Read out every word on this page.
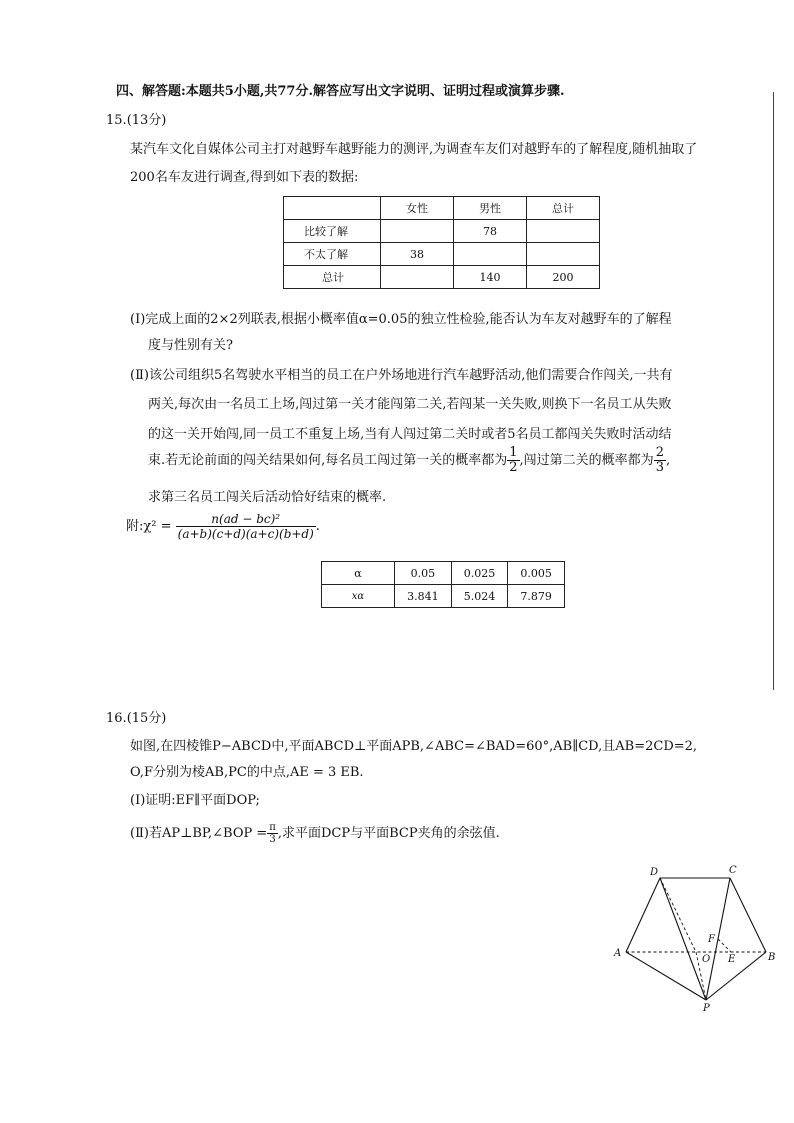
四、解答题:本题共5小题,共77分.解答应写出文字说明、证明过程或演算步骤.
15.(13分)
某汽车文化自媒体公司主打对越野车越野能力的测评,为调查车友们对越野车的了解程度,随机抽取了
200名车友进行调查,得到如下表的数据:
	女性	男性	总计
比较了解		78	
不太了解	38		
总计		140	200
(Ⅰ)完成上面的2×2列联表,根据小概率值α=0.05的独立性检验,能否认为车友对越野车的了解程
度与性别有关?
(Ⅱ)该公司组织5名驾驶水平相当的员工在户外场地进行汽车越野活动,他们需要合作闯关,一共有
两关,每次由一名员工上场,闯过第一关才能闯第二关,若闯某一关失败,则换下一名员工从失败
的这一关开始闯,同一员工不重复上场,当有人闯过第二关时或者5名员工都闯关失败时活动结
束.若无论前面的闯关结果如何,每名员工闯过第一关的概率都为 $\frac{1}{2}$ ,闯过第二关的概率都为 $\frac{2}{3}$ ,
求第三名员工闯关后活动恰好结束的概率.
附:χ² = $\frac{\text{n(ad − bc)²}}{(a+b)(c+d)(a+c)(b+d)}$ .
α	0.05	0.025	0.005
xα	3.841	5.024	7.879
16.(15分)
如图,在四棱锥P−ABCD中,平面ABCD⊥平面APB,∠ABC=∠BAD=60°,AB∥CD,且AB=2CD=2,
O,F分别为棱AB,PC的中点,AE = 3 EB.
(Ⅰ)证明:EF∥平面DOP;
(Ⅱ)若AP⊥BP,∠BOP = $\frac{\pi}{3}$ ,求平面DCP与平面BCP夹角的余弦值.
D	C
A	B
O E
F
P
